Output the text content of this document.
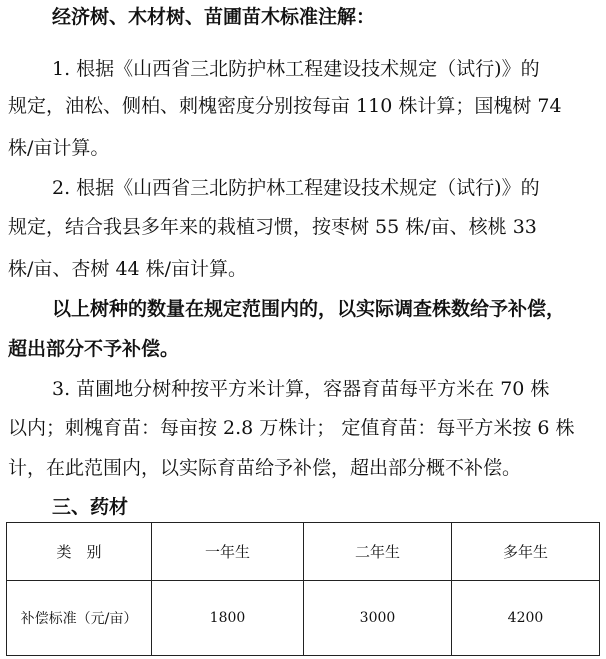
经济树、木材树、苗圃苗木标准注解：
1. 根据《山西省三北防护林工程建设技术规定（试行)》的
规定，油松、侧柏、刺槐密度分别按每亩 110 株计算；国槐树 74
株/亩计算。
2. 根据《山西省三北防护林工程建设技术规定（试行)》的
规定，结合我县多年来的栽植习惯，按枣树 55 株/亩、核桃 33
株/亩、杏树 44 株/亩计算。
以上树种的数量在规定范围内的，以实际调查株数给予补偿，
超出部分不予补偿。
3. 苗圃地分树种按平方米计算，容器育苗每平方米在 70 株
以内；刺槐育苗：每亩按 2.8 万株计； 定值育苗：每平方米按 6 株
计，在此范围内，以实际育苗给予补偿，超出部分概不补偿。
三、药材
类　别	一年生	二年生	多年生
补偿标准（元/亩）	1800	3000	4200
